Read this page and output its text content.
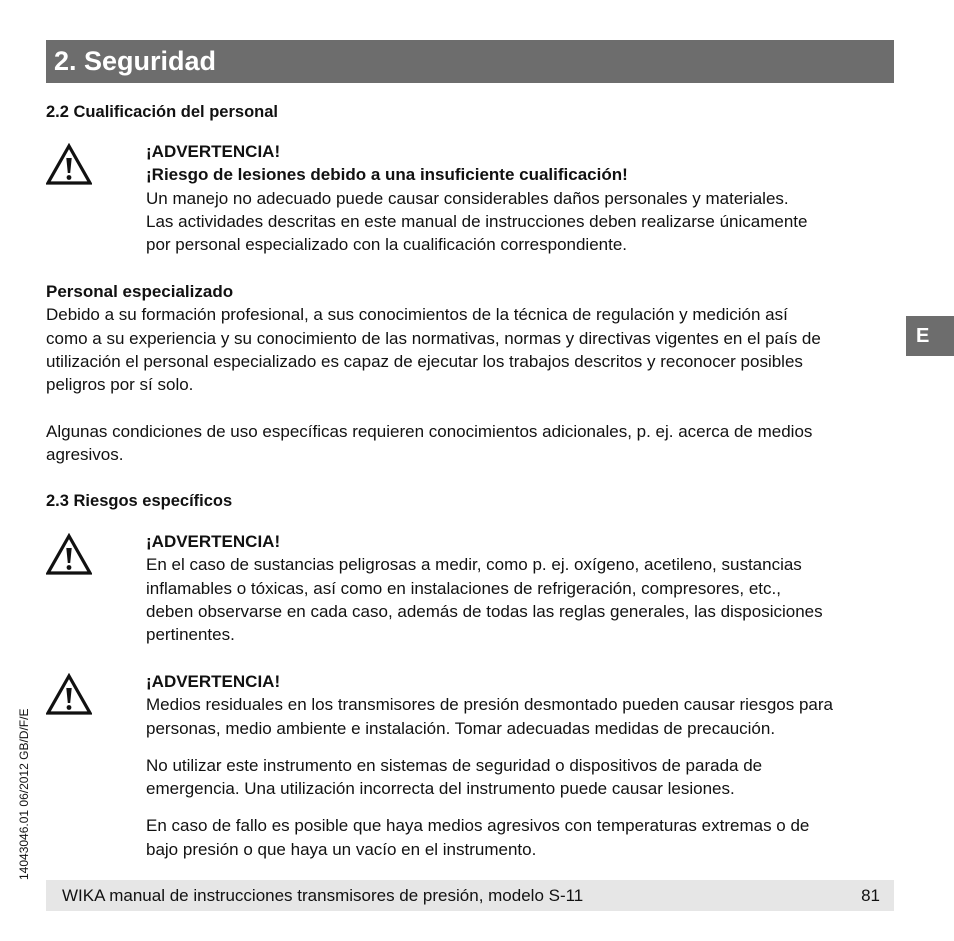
2. Seguridad
2.2 Cualificación del personal

¡ADVERTENCIA!

¡Riesgo de lesiones debido a una insuficiente cualificación!

Un manejo no adecuado puede causar considerables daños personales y materiales.

Las actividades descritas en este manual de instrucciones deben realizarse únicamente

por personal especializado con la cualificación correspondiente.

Personal especializado

Debido a su formación profesional, a sus conocimientos de la técnica de regulación y medición así

como a su experiencia y su conocimiento de las normativas, normas y directivas vigentes en el país de

utilización el personal especializado es capaz de ejecutar los trabajos descritos y reconocer posibles

peligros por sí solo.

Algunas condiciones de uso específicas requieren conocimientos adicionales, p. ej. acerca de medios

agresivos.

2.3 Riesgos específicos

¡ADVERTENCIA!

En el caso de sustancias peligrosas a medir, como p. ej. oxígeno, acetileno, sustancias

inflamables o tóxicas, así como en instalaciones de refrigeración, compresores, etc.,

deben observarse en cada caso, además de todas las reglas generales, las disposiciones

pertinentes.

¡ADVERTENCIA!

Medios residuales en los transmisores de presión desmontado pueden causar riesgos para

personas, medio ambiente e instalación. Tomar adecuadas medidas de precaución.

No utilizar este instrumento en sistemas de seguridad o dispositivos de parada de

emergencia. Una utilización incorrecta del instrumento puede causar lesiones.

En caso de fallo es posible que haya medios agresivos con temperaturas extremas o de

bajo presión o que haya un vacío en el instrumento.

E
14043046.01 06/2012 GB/D/F/E
WIKA manual de instrucciones transmisores de presión, modelo S-11	81
